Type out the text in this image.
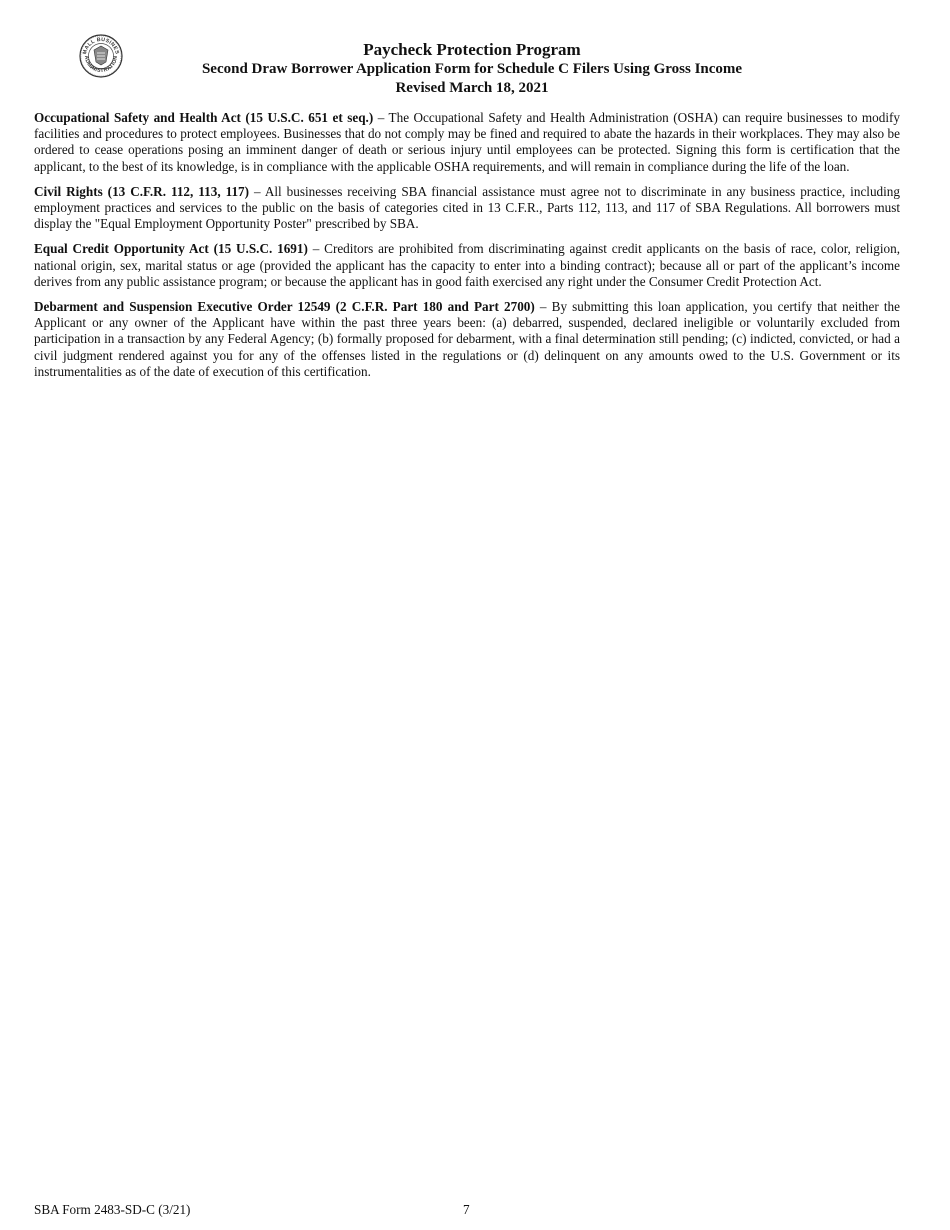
MALL BUSINES
ADMINISTRATION	Paycheck Protection Program
Second Draw Borrower Application Form for Schedule C Filers Using Gross Income
Revised March 18, 2021

Occupational Safety and Health Act (15 U.S.C. 651 et seq.) – The Occupational Safety and Health Administration (OSHA) can require businesses to modify facilities and procedures to protect employees. Businesses that do not comply may be fined and required to abate the hazards in their workplaces. They may also be ordered to cease operations posing an imminent danger of death or serious injury until employees can be protected. Signing this form is certification that the applicant, to the best of its knowledge, is in compliance with the applicable OSHA requirements, and will remain in compliance during the life of the loan.

Civil Rights (13 C.F.R. 112, 113, 117) – All businesses receiving SBA financial assistance must agree not to discriminate in any business practice, including employment practices and services to the public on the basis of categories cited in 13 C.F.R., Parts 112, 113, and 117 of SBA Regulations. All borrowers must display the "Equal Employment Opportunity Poster" prescribed by SBA.

Equal Credit Opportunity Act (15 U.S.C. 1691) – Creditors are prohibited from discriminating against credit applicants on the basis of race, color, religion, national origin, sex, marital status or age (provided the applicant has the capacity to enter into a binding contract); because all or part of the applicant’s income derives from any public assistance program; or because the applicant has in good faith exercised any right under the Consumer Credit Protection Act.

Debarment and Suspension Executive Order 12549 (2 C.F.R. Part 180 and Part 2700) – By submitting this loan application, you certify that neither the Applicant or any owner of the Applicant have within the past three years been: (a) debarred, suspended, declared ineligible or voluntarily excluded from participation in a transaction by any Federal Agency; (b) formally proposed for debarment, with a final determination still pending; (c) indicted, convicted, or had a civil judgment rendered against you for any of the offenses listed in the regulations or (d) delinquent on any amounts owed to the U.S. Government or its instrumentalities as of the date of execution of this certification.

SBA Form 2483-SD-C (3/21)	7
